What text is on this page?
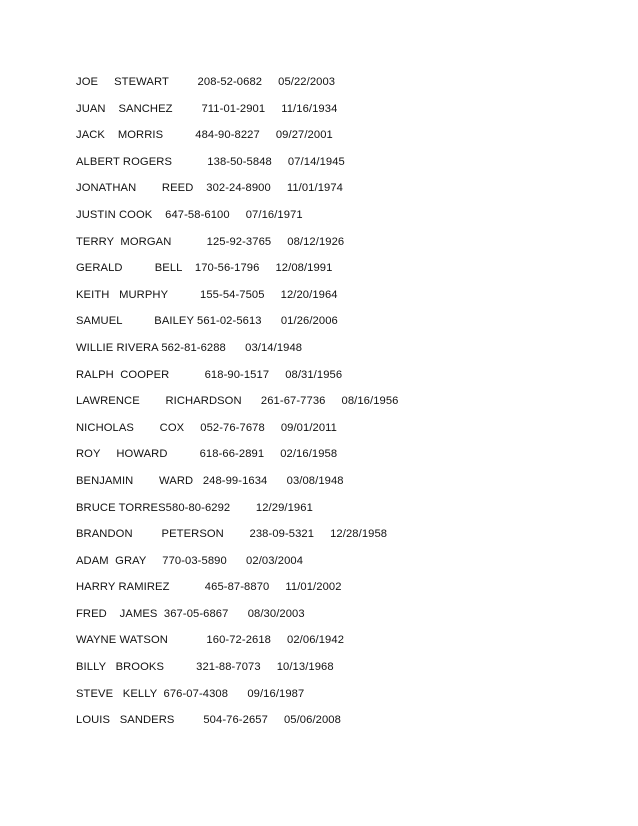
JOE     STEWART         208-52-0682     05/22/2003
JUAN    SANCHEZ         711-01-2901     11/16/1934
JACK    MORRIS          484-90-8227     09/27/2001
ALBERT ROGERS           138-50-5848     07/14/1945
JONATHAN        REED    302-24-8900     11/01/1974
JUSTIN COOK    647-58-6100     07/16/1971
TERRY  MORGAN           125-92-3765     08/12/1926
GERALD          BELL    170-56-1796     12/08/1991
KEITH   MURPHY          155-54-7505     12/20/1964
SAMUEL          BAILEY 561-02-5613      01/26/2006
WILLIE RIVERA 562-81-6288      03/14/1948
RALPH  COOPER           618-90-1517     08/31/1956
LAWRENCE        RICHARDSON      261-67-7736     08/16/1956
NICHOLAS        COX     052-76-7678     09/01/2011
ROY     HOWARD          618-66-2891     02/16/1958
BENJAMIN        WARD   248-99-1634      03/08/1948
BRUCE TORRES580-80-6292        12/29/1961
BRANDON         PETERSON        238-09-5321     12/28/1958
ADAM  GRAY     770-03-5890      02/03/2004
HARRY RAMIREZ           465-87-8870     11/01/2002
FRED    JAMES  367-05-6867      08/30/2003
WAYNE WATSON            160-72-2618     02/06/1942
BILLY   BROOKS          321-88-7073     10/13/1968
STEVE   KELLY  676-07-4308      09/16/1987
LOUIS   SANDERS         504-76-2657     05/06/2008
